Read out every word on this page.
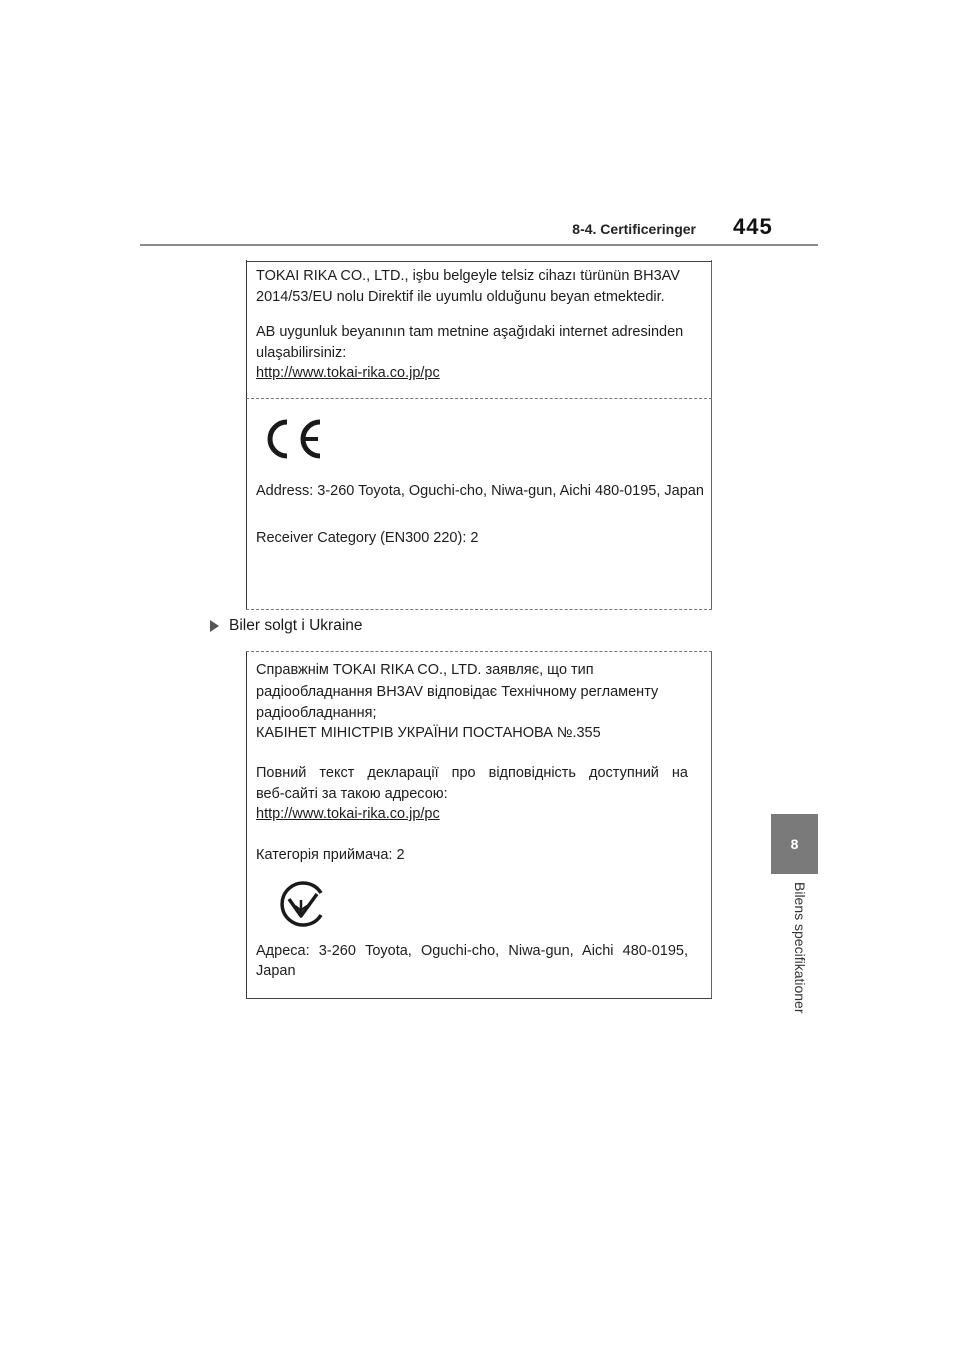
8-4. Certificeringer 445
8
Bilens specifikationer
TOKAI RIKA CO., LTD., işbu belgeyle telsiz cihazı türünün BH3AV
2014/53/EU nolu Direktif ile uyumlu olduğunu beyan etmektedir.
AB uygunluk beyanının tam metnine aşağıdaki internet adresinden
ulaşabilirsiniz:
http://www.tokai-rika.co.jp/pc
Address: 3-260 Toyota, Oguchi-cho, Niwa-gun, Aichi 480-0195, Japan
Receiver Category (EN300 220): 2
Biler solgt i Ukraine
Справжнім TOKAI RIKA CO., LTD. заявляє, що тип
радіообладнання BH3AV відповідає Технічному регламенту
радіообладнання;
КАБІНЕТ МІНІСТРІВ УКРАЇНИ ПОСТАНОВА №.355
Повний текст декларації про відповідність доступний на
веб-сайті за такою адресою:
http://www.tokai-rika.co.jp/pc
Категорія приймача: 2
Адреса: 3-260 Toyota, Oguchi-cho, Niwa-gun, Aichi 480-0195,
Japan
